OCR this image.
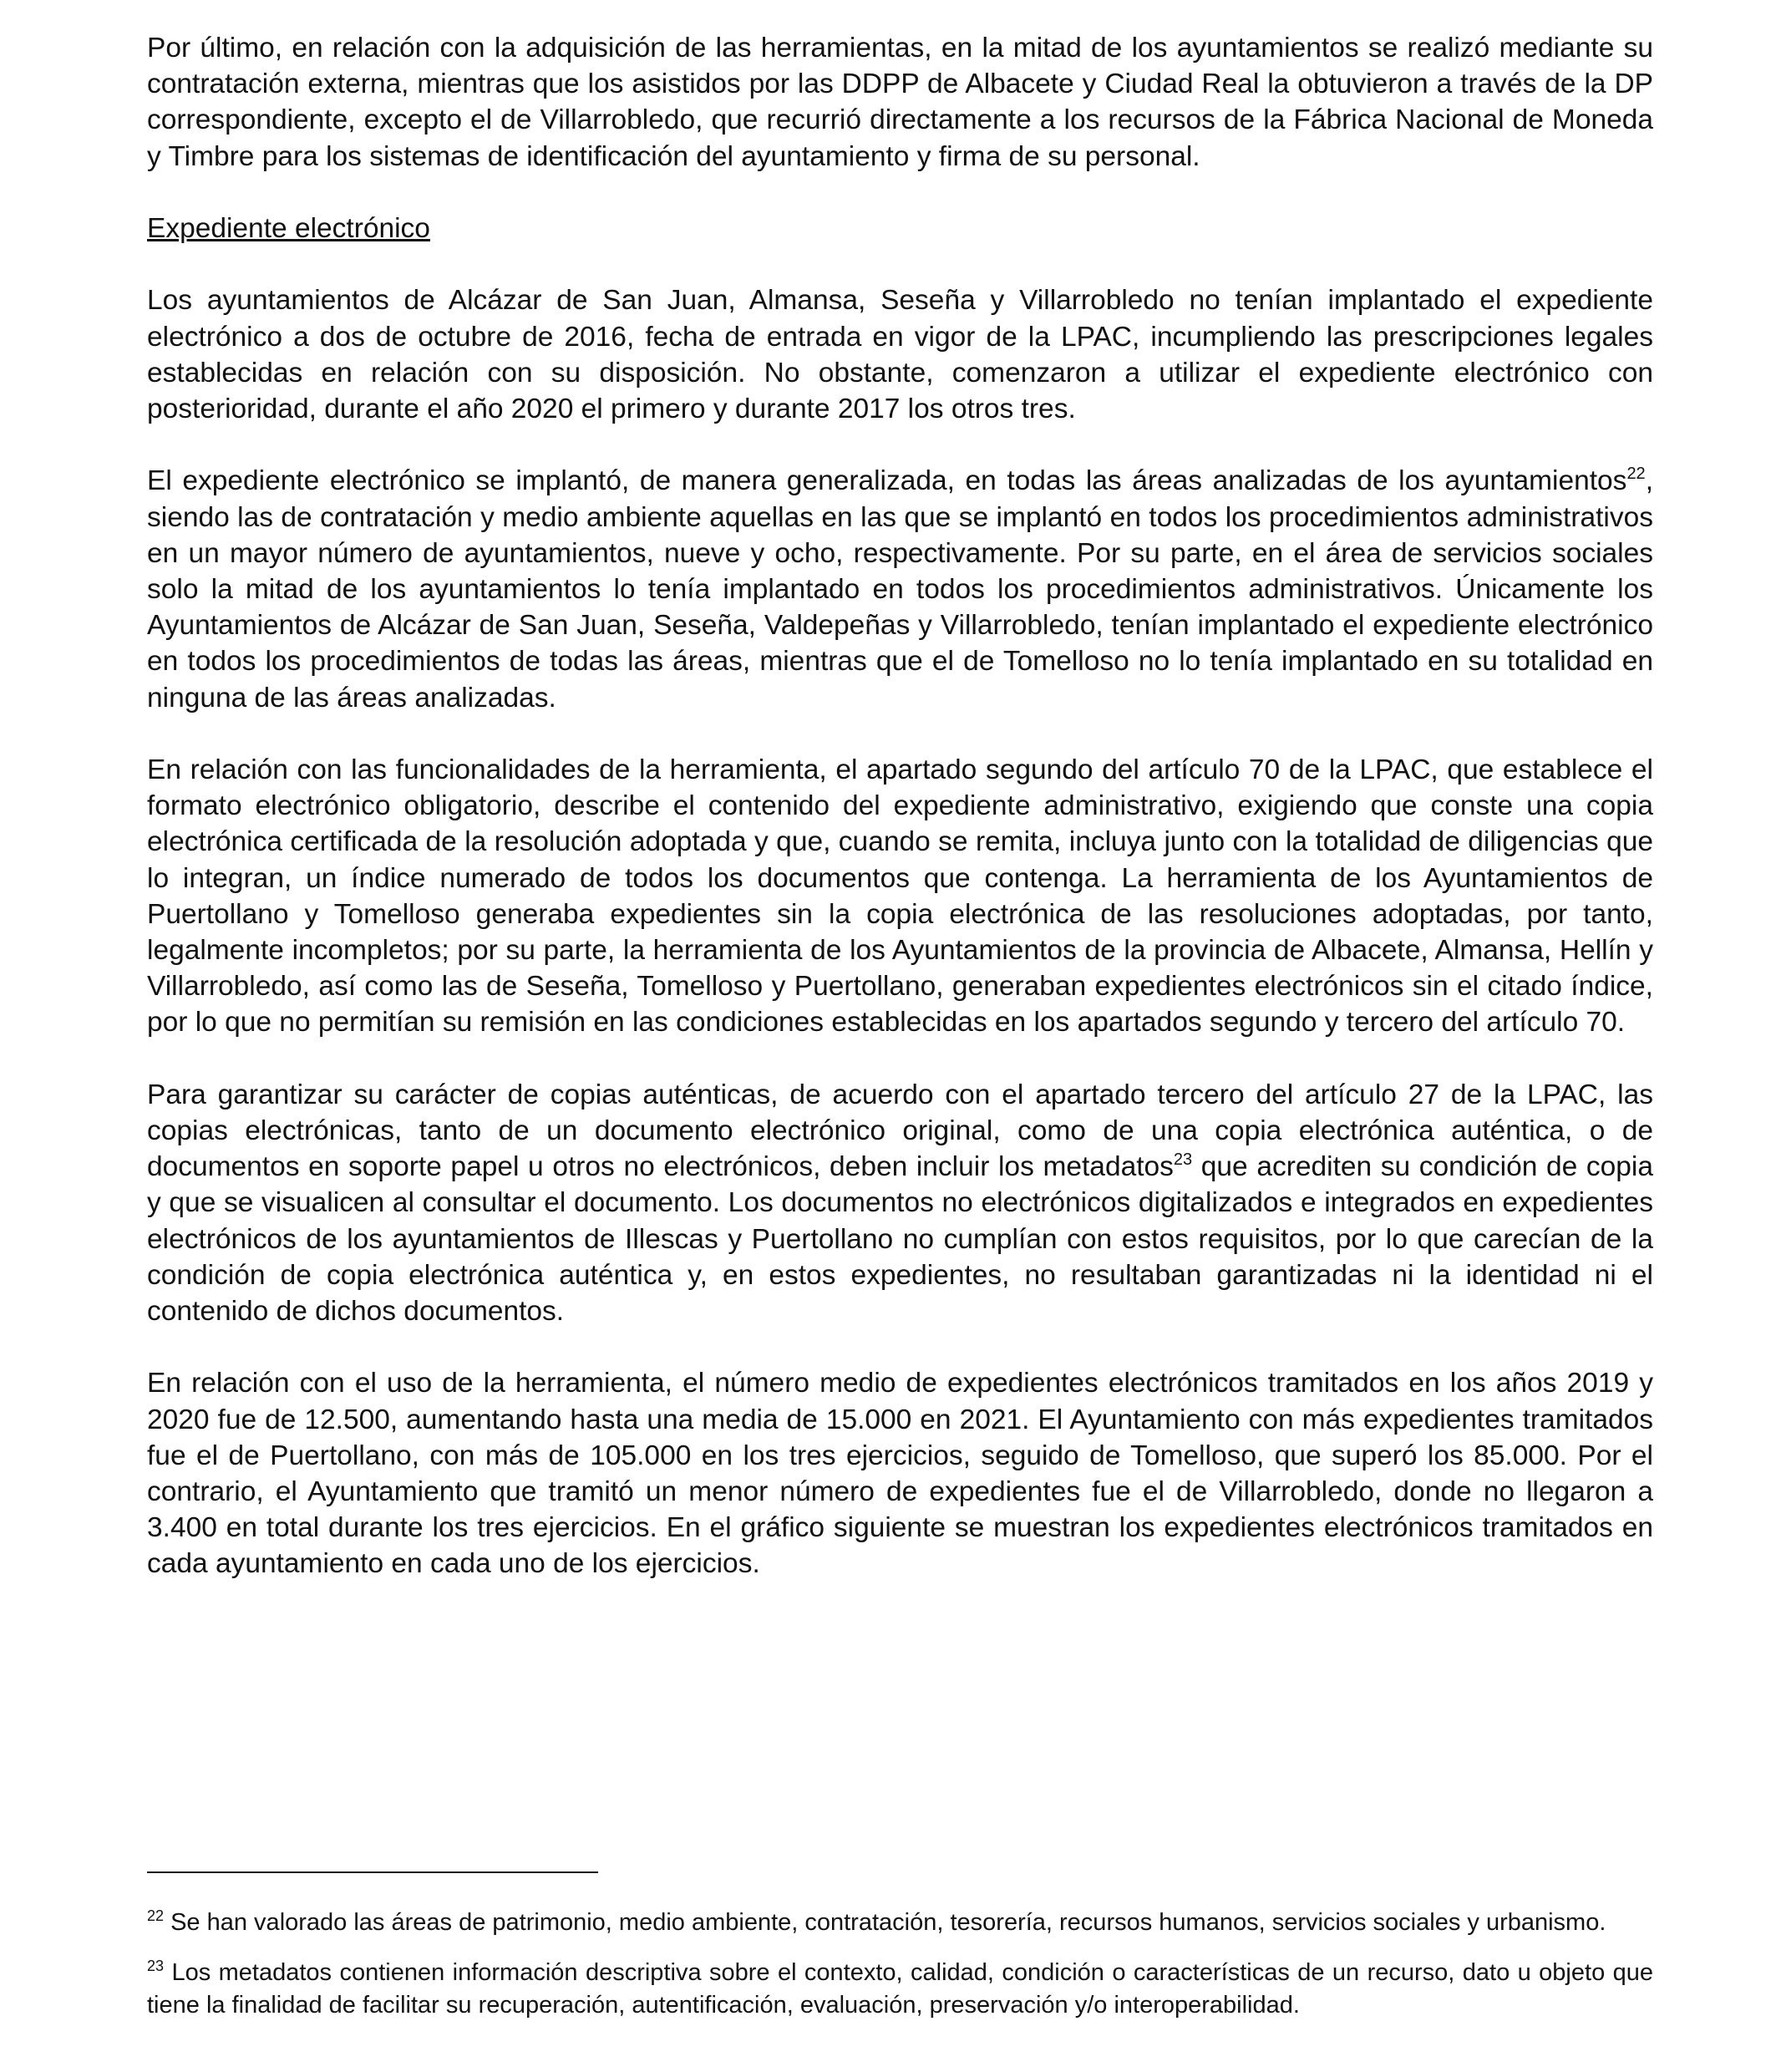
Por último, en relación con la adquisición de las herramientas, en la mitad de los ayuntamientos se realizó mediante su contratación externa, mientras que los asistidos por las DDPP de Albacete y Ciudad Real la obtuvieron a través de la DP correspondiente, excepto el de Villarrobledo, que recurrió directamente a los recursos de la Fábrica Nacional de Moneda y Timbre para los sistemas de identificación del ayuntamiento y firma de su personal.

Expediente electrónico

Los ayuntamientos de Alcázar de San Juan, Almansa, Seseña y Villarrobledo no tenían implantado el expediente electrónico a dos de octubre de 2016, fecha de entrada en vigor de la LPAC, incumpliendo las prescripciones legales establecidas en relación con su disposición. No obstante, comenzaron a utilizar el expediente electrónico con posterioridad, durante el año 2020 el primero y durante 2017 los otros tres.

El expediente electrónico se implantó, de manera generalizada, en todas las áreas analizadas de los ayuntamientos$^{22}$, siendo las de contratación y medio ambiente aquellas en las que se implantó en todos los procedimientos administrativos en un mayor número de ayuntamientos, nueve y ocho, respectivamente. Por su parte, en el área de servicios sociales solo la mitad de los ayuntamientos lo tenía implantado en todos los procedimientos administrativos. Únicamente los Ayuntamientos de Alcázar de San Juan, Seseña, Valdepeñas y Villarrobledo, tenían implantado el expediente electrónico en todos los procedimientos de todas las áreas, mientras que el de Tomelloso no lo tenía implantado en su totalidad en ninguna de las áreas analizadas.

En relación con las funcionalidades de la herramienta, el apartado segundo del artículo 70 de la LPAC, que establece el formato electrónico obligatorio, describe el contenido del expediente administrativo, exigiendo que conste una copia electrónica certificada de la resolución adoptada y que, cuando se remita, incluya junto con la totalidad de diligencias que lo integran, un índice numerado de todos los documentos que contenga. La herramienta de los Ayuntamientos de Puertollano y Tomelloso generaba expedientes sin la copia electrónica de las resoluciones adoptadas, por tanto, legalmente incompletos; por su parte, la herramienta de los Ayuntamientos de la provincia de Albacete, Almansa, Hellín y Villarrobledo, así como las de Seseña, Tomelloso y Puertollano, generaban expedientes electrónicos sin el citado índice, por lo que no permitían su remisión en las condiciones establecidas en los apartados segundo y tercero del artículo 70.

Para garantizar su carácter de copias auténticas, de acuerdo con el apartado tercero del artículo 27 de la LPAC, las copias electrónicas, tanto de un documento electrónico original, como de una copia electrónica auténtica, o de documentos en soporte papel u otros no electrónicos, deben incluir los metadatos$^{23}$ que acrediten su condición de copia y que se visualicen al consultar el documento. Los documentos no electrónicos digitalizados e integrados en expedientes electrónicos de los ayuntamientos de Illescas y Puertollano no cumplían con estos requisitos, por lo que carecían de la condición de copia electrónica auténtica y, en estos expedientes, no resultaban garantizadas ni la identidad ni el contenido de dichos documentos.

En relación con el uso de la herramienta, el número medio de expedientes electrónicos tramitados en los años 2019 y 2020 fue de 12.500, aumentando hasta una media de 15.000 en 2021. El Ayuntamiento con más expedientes tramitados fue el de Puertollano, con más de 105.000 en los tres ejercicios, seguido de Tomelloso, que superó los 85.000. Por el contrario, el Ayuntamiento que tramitó un menor número de expedientes fue el de Villarrobledo, donde no llegaron a 3.400 en total durante los tres ejercicios. En el gráfico siguiente se muestran los expedientes electrónicos tramitados en cada ayuntamiento en cada uno de los ejercicios.

$^{22}$ Se han valorado las áreas de patrimonio, medio ambiente, contratación, tesorería, recursos humanos, servicios sociales y urbanismo.

$^{23}$ Los metadatos contienen información descriptiva sobre el contexto, calidad, condición o características de un recurso, dato u objeto que tiene la finalidad de facilitar su recuperación, autentificación, evaluación, preservación y/o interoperabilidad.
